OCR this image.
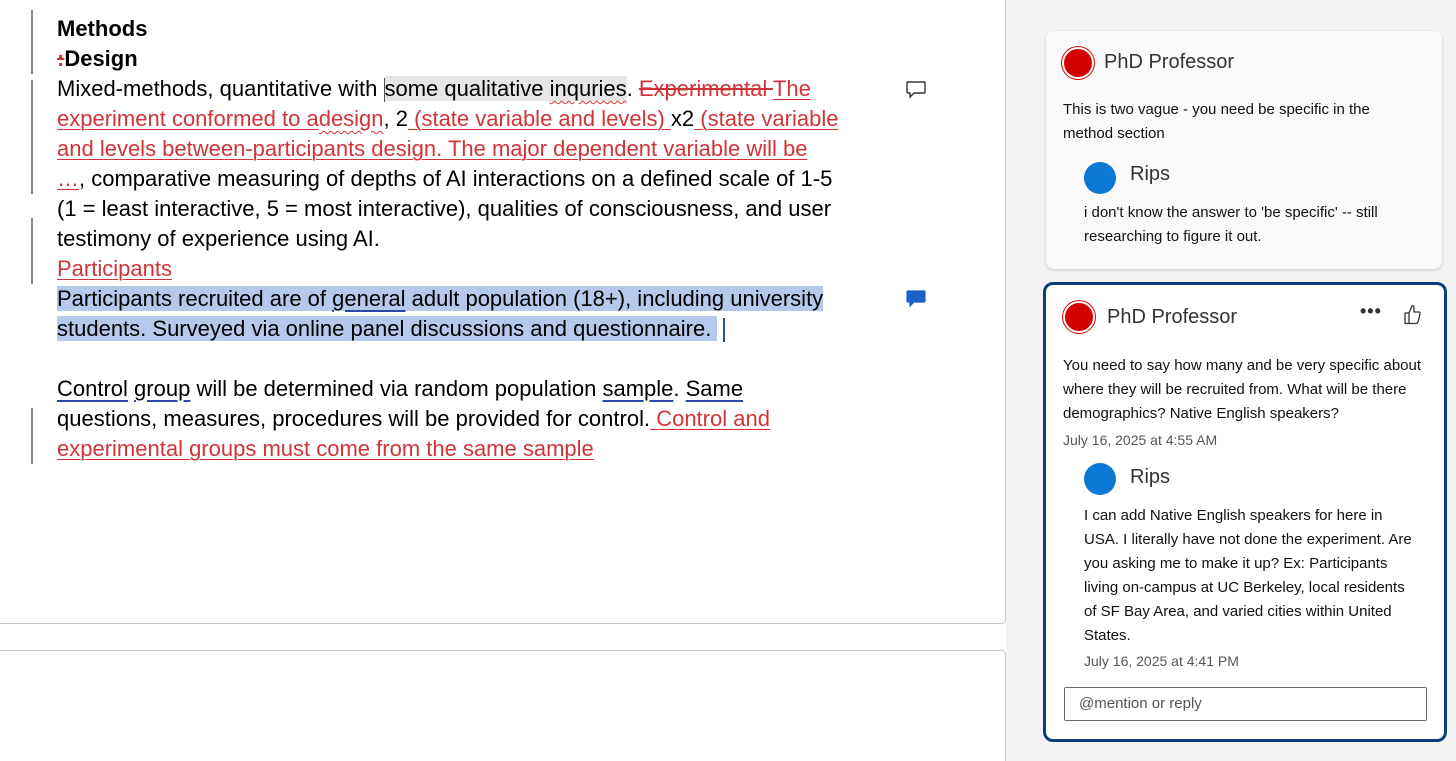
Methods
:Design
Mixed-methods, quantitative with some qualitative inquries. Experimental The
experiment conformed to adesign, 2 (state variable and levels) x2 (state variable
and levels between-participants design. The major dependent variable will be
…, comparative measuring of depths of AI interactions on a defined scale of 1-5
(1 = least interactive, 5 = most interactive), qualities of consciousness, and user
testimony of experience using AI.
Participants
Participants recruited are of general adult population (18+), including university
students. Surveyed via online panel discussions and questionnaire.
Control group will be determined via random population sample. Same
questions, measures, procedures will be provided for control. Control and
experimental groups must come from the same sample
PhD Professor
This is two vague - you need be specific in the method section
Rips
i don't know the answer to 'be specific' -- still researching to figure it out.
PhD Professor	•••
You need to say how many and be very specific about where they will be recruited from. What will be there demographics? Native English speakers?
July 16, 2025 at 4:55 AM
Rips
I can add Native English speakers for here in USA. I literally have not done the experiment. Are you asking me to make it up? Ex: Participants living on-campus at UC Berkeley, local residents of SF Bay Area, and varied cities within United States.
July 16, 2025 at 4:41 PM
@mention or reply
